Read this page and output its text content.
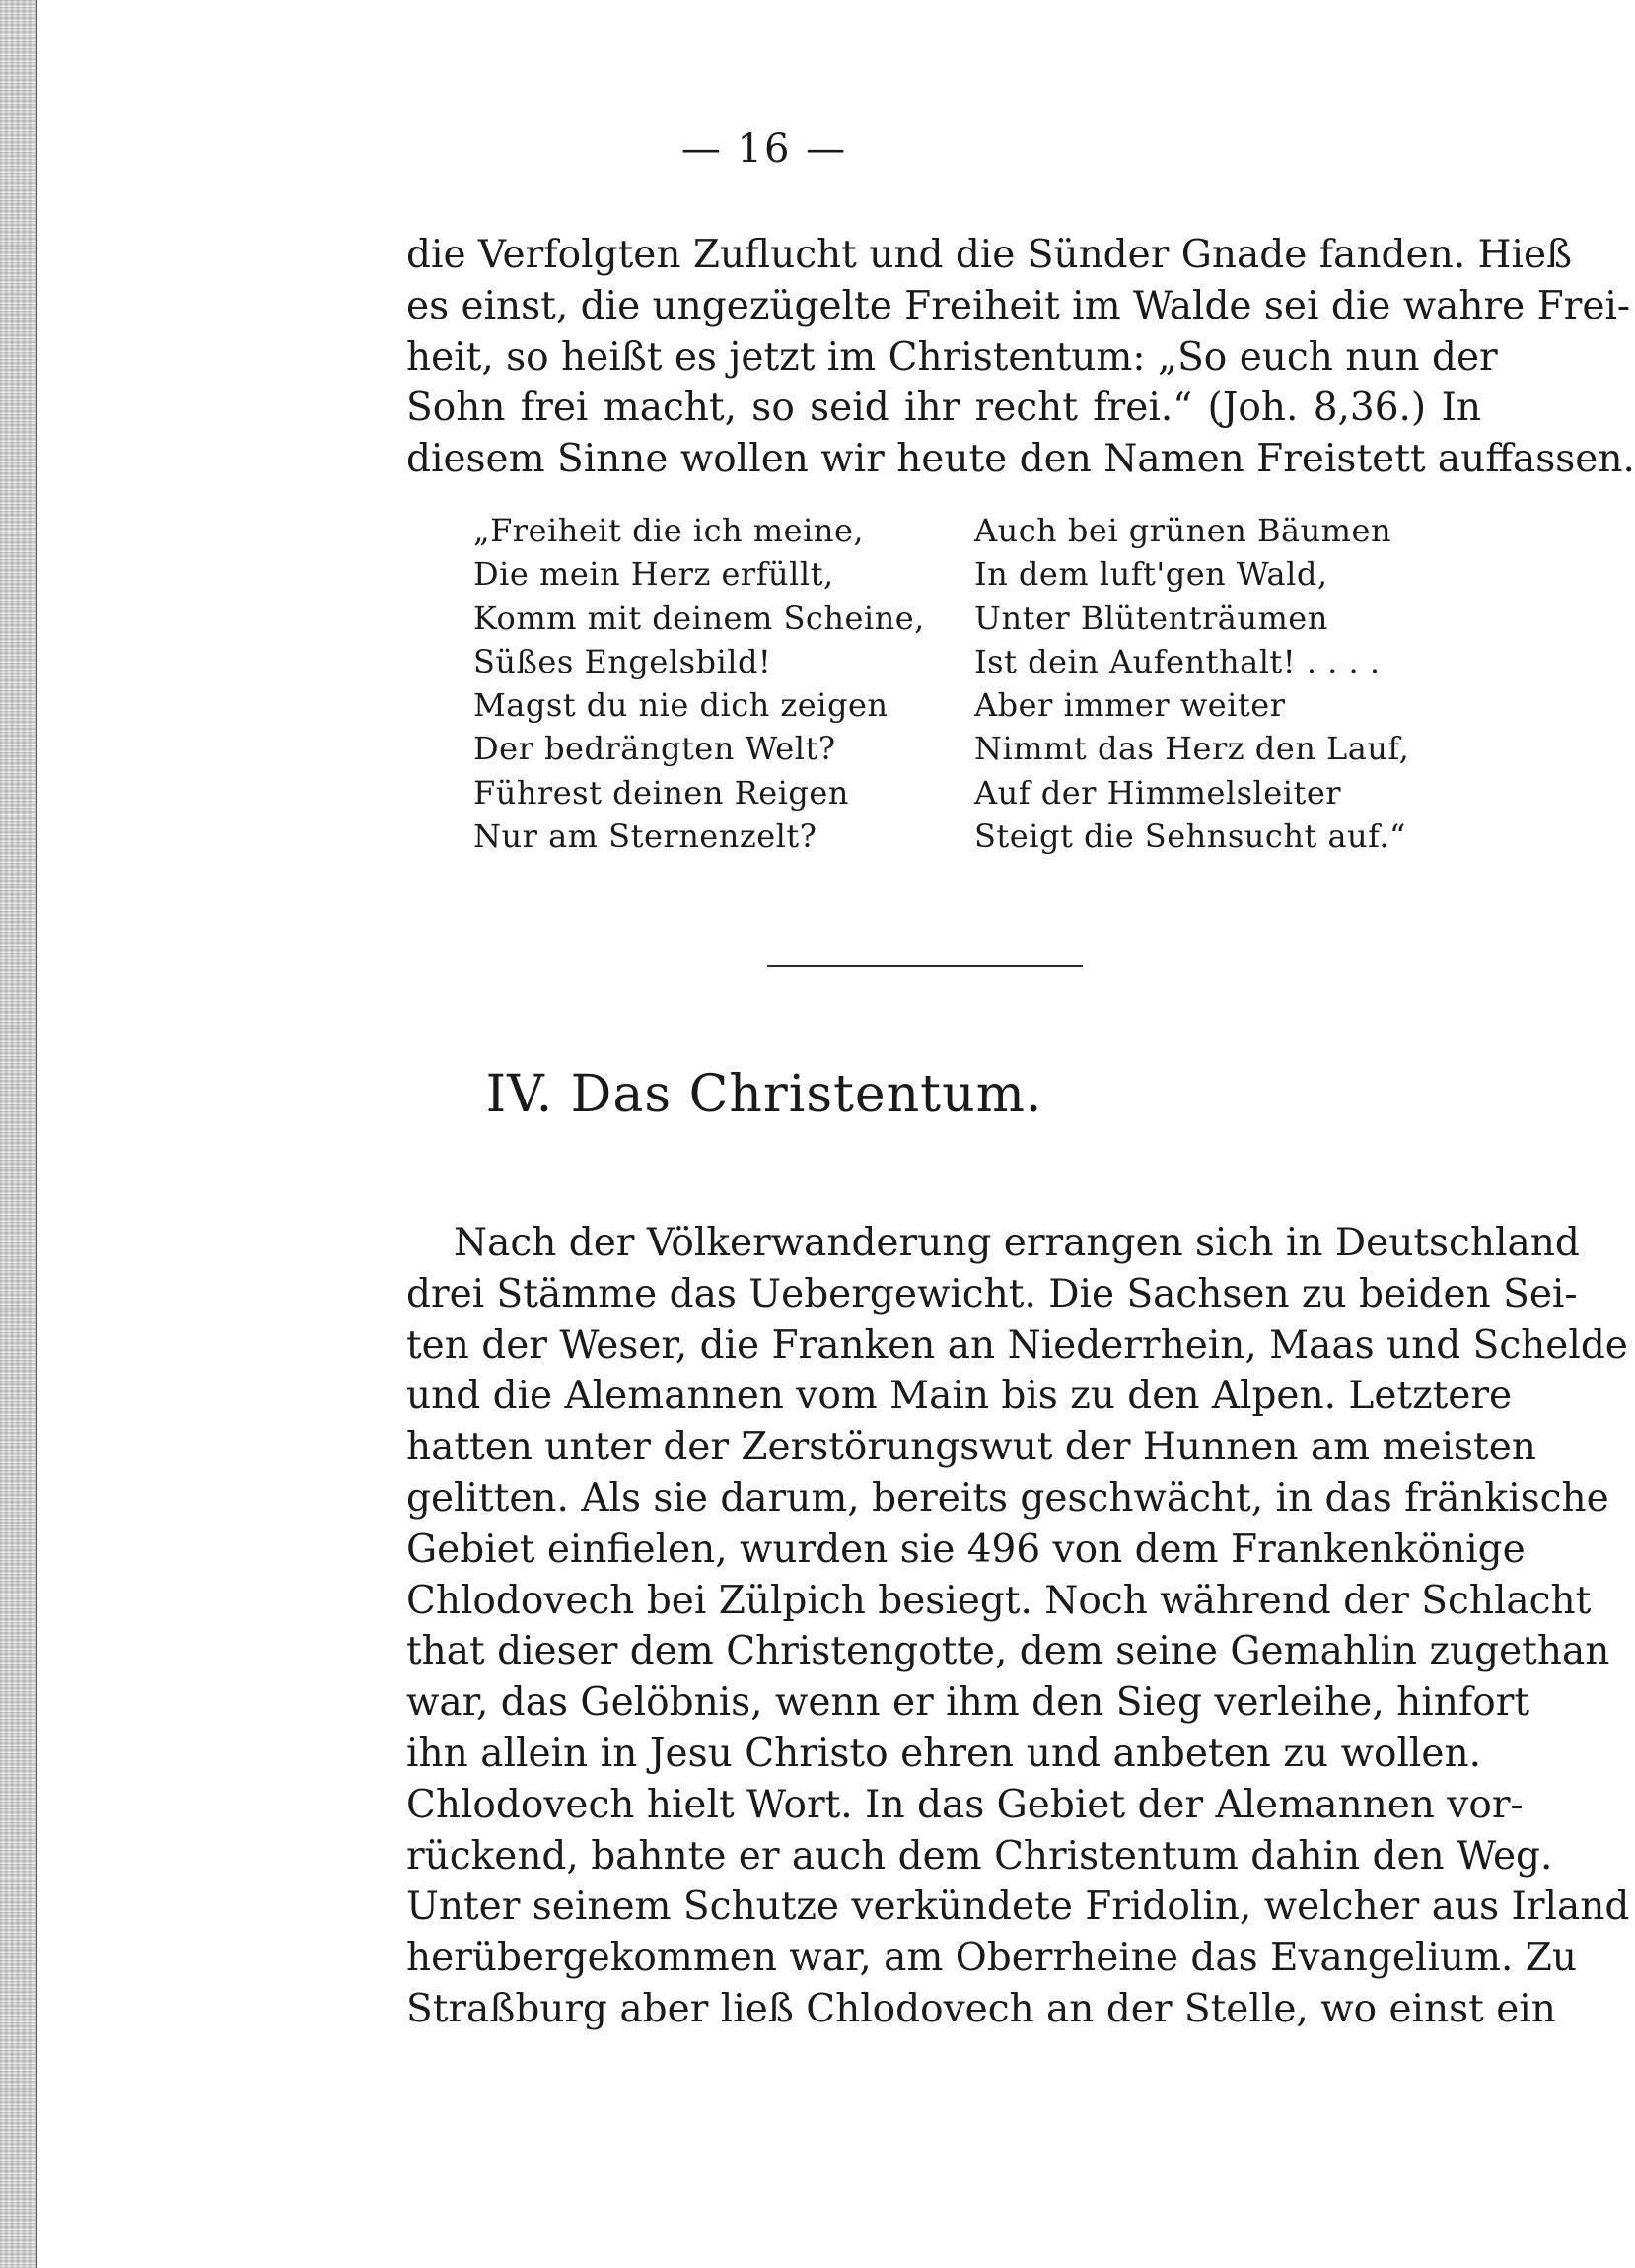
— 16 —
die Verfolgten Zuflucht und die Sünder Gnade fanden. Hieß
es einst, die ungezügelte Freiheit im Walde sei die wahre Frei-
heit, so heißt es jetzt im Christentum: „So euch nun der
Sohn frei macht, so seid ihr recht frei.“ (Joh. 8,36.) In
diesem Sinne wollen wir heute den Namen Freistett auffassen.
„Freiheit die ich meine,
Die mein Herz erfüllt,
Komm mit deinem Scheine,
Süßes Engelsbild!
Magst du nie dich zeigen
Der bedrängten Welt?
Führest deinen Reigen
Nur am Sternenzelt?
Auch bei grünen Bäumen
In dem luft'gen Wald,
Unter Blütenträumen
Ist dein Aufenthalt! . . . .
Aber immer weiter
Nimmt das Herz den Lauf,
Auf der Himmelsleiter
Steigt die Sehnsucht auf.“
IV. Das Christentum.
Nach der Völkerwanderung errangen sich in Deutschland
drei Stämme das Uebergewicht. Die Sachsen zu beiden Sei-
ten der Weser, die Franken an Niederrhein, Maas und Schelde
und die Alemannen vom Main bis zu den Alpen. Letztere
hatten unter der Zerstörungswut der Hunnen am meisten
gelitten. Als sie darum, bereits geschwächt, in das fränkische
Gebiet einfielen, wurden sie 496 von dem Frankenkönige
Chlodovech bei Zülpich besiegt. Noch während der Schlacht
that dieser dem Christengotte, dem seine Gemahlin zugethan
war, das Gelöbnis, wenn er ihm den Sieg verleihe, hinfort
ihn allein in Jesu Christo ehren und anbeten zu wollen.
Chlodovech hielt Wort. In das Gebiet der Alemannen vor-
rückend, bahnte er auch dem Christentum dahin den Weg.
Unter seinem Schutze verkündete Fridolin, welcher aus Irland
herübergekommen war, am Oberrheine das Evangelium. Zu
Straßburg aber ließ Chlodovech an der Stelle, wo einst ein
